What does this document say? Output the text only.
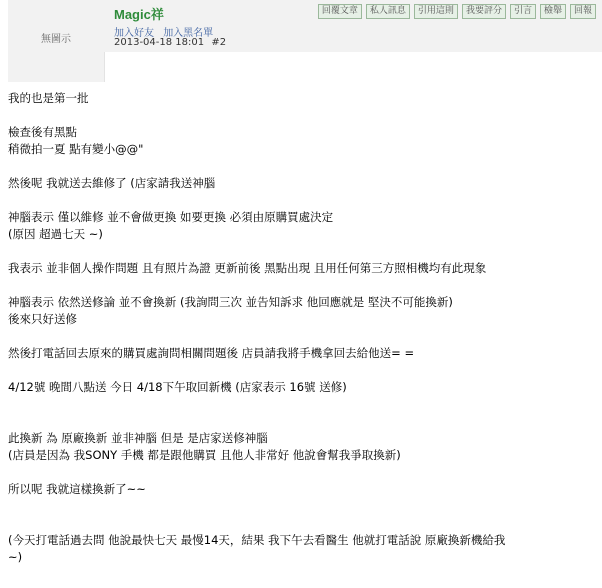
無圖示
Magic祥
加入好友 加入黑名單
2013-04-18 18:01 #2
回覆文章	私人訊息	引用這則	我要評分	引言	檢舉	回報
我的也是第一批
檢查後有黑點
稍微拍一夏 點有變小@@"
然後呢 我就送去維修了 (店家請我送神腦
神腦表示 僅以維修 並不會做更換 如要更換 必須由原購買處決定
(原因 超過七天 ~)
我表示 並非個人操作問題 且有照片為證 更新前後 黑點出現 且用任何第三方照相機均有此現象
神腦表示 依然送修論 並不會換新 (我詢問三次 並告知訴求 他回應就是 堅決不可能換新)
後來只好送修
然後打電話回去原來的購買處詢問相關問題後 店員請我將手機拿回去給他送= =
4/12號 晚間八點送 今日 4/18下午取回新機 (店家表示 16號 送修)
此換新 為 原廠換新 並非神腦 但是 是店家送修神腦
(店員是因為 我SONY 手機 都是跟他購買 且他人非常好 他說會幫我爭取換新)
所以呢 我就這樣換新了~~
(今天打電話過去問 他說最快七天 最慢14天，結果 我下午去看醫生 他就打電話說 原廠換新機給我
~)
